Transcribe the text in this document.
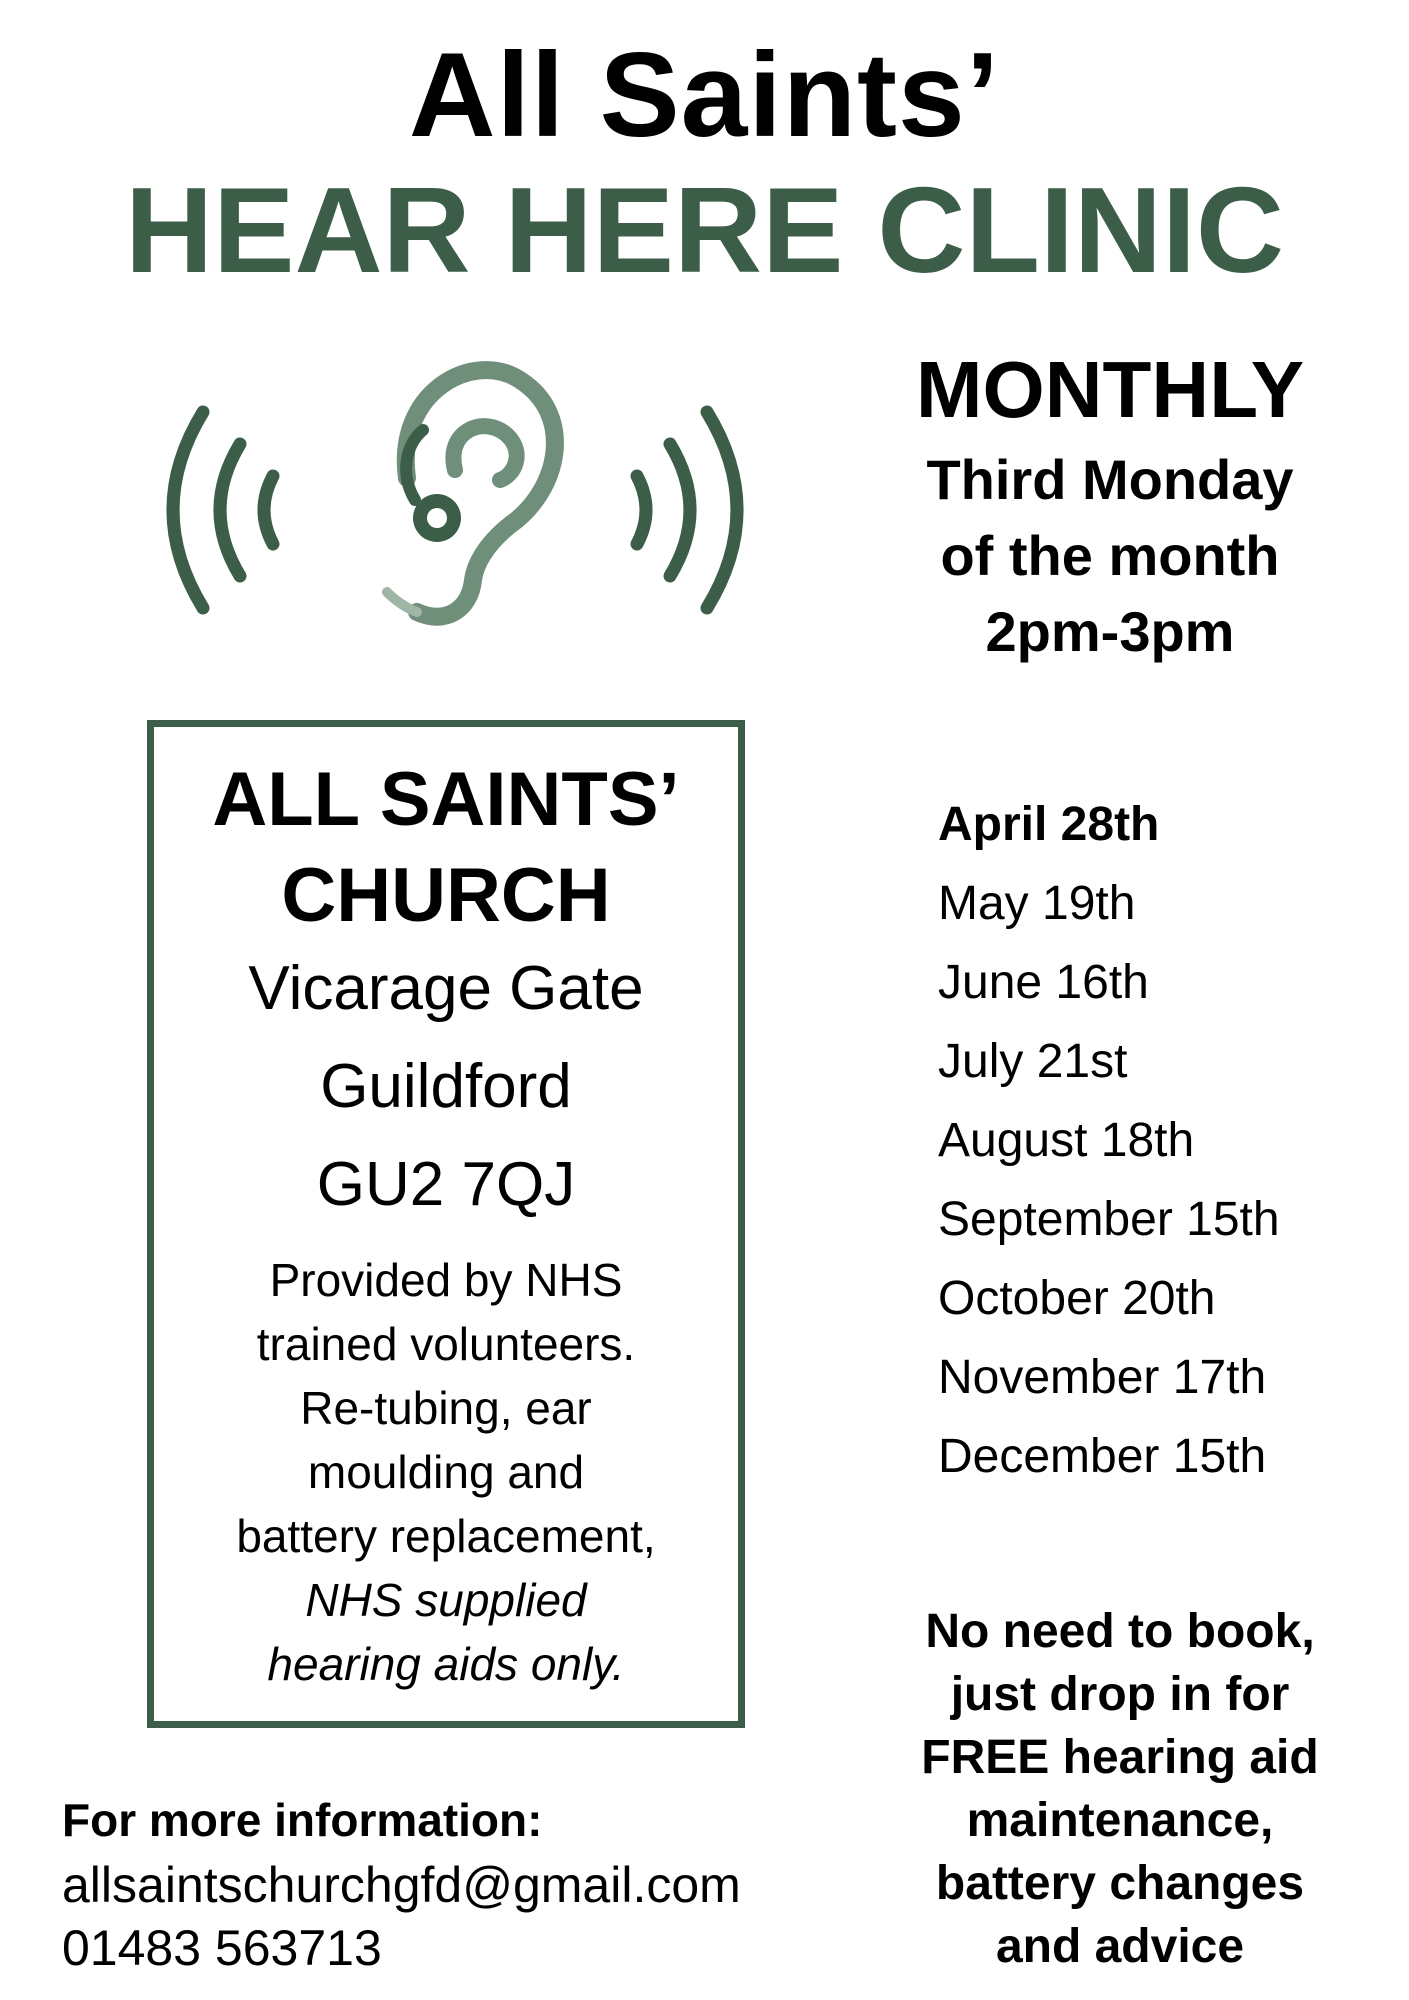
All Saints’
HEAR HERE CLINIC
MONTHLY
Third Monday
of the month
2pm-3pm
ALL SAINTS’
CHURCH
Vicarage Gate
Guildford
GU2 7QJ
Provided by NHS
trained volunteers.
Re-tubing, ear
moulding and
battery replacement,
NHS supplied
hearing aids only.
April 28th
May 19th
June 16th
July 21st
August 18th
September 15th
October 20th
November 17th
December 15th
No need to book,
just drop in for
FREE hearing aid
maintenance,
battery changes
and advice
For more information:
allsaintschurchgfd@gmail.com
01483 563713
